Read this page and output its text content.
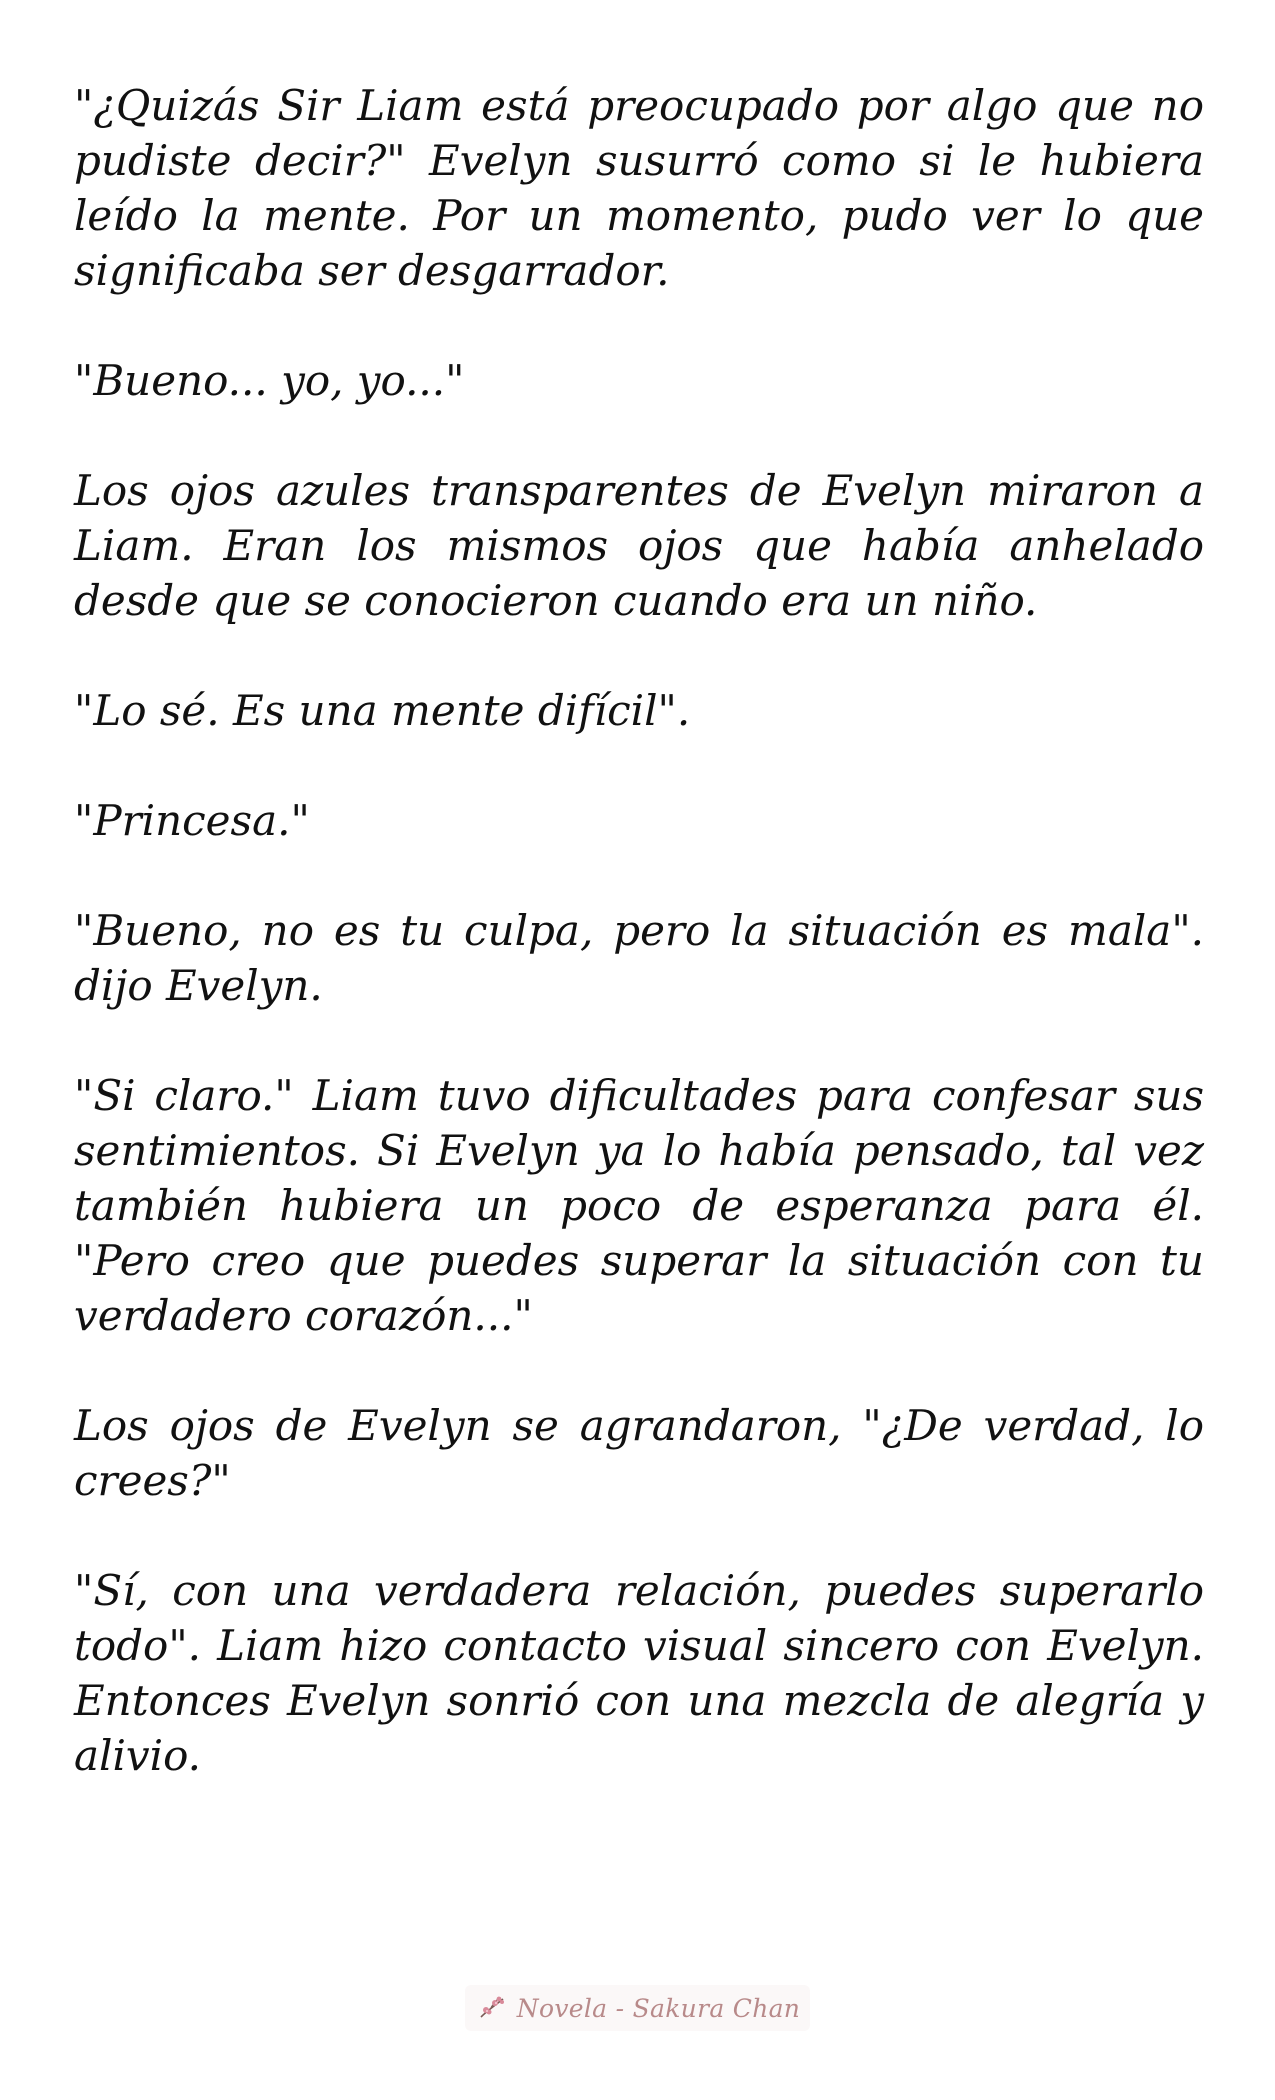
"¿Quizás Sir Liam está preocupado por algo que no pudiste decir?" Evelyn susurró como si le hubiera leído la mente. Por un momento, pudo ver lo que significaba ser desgarrador.

"Bueno... yo, yo..."

Los ojos azules transparentes de Evelyn miraron a Liam. Eran los mismos ojos que había anhelado desde que se conocieron cuando era un niño.

"Lo sé. Es una mente difícil".

"Princesa."

"Bueno, no es tu culpa, pero la situación es mala". dijo Evelyn.

"Si claro." Liam tuvo dificultades para confesar sus sentimientos. Si Evelyn ya lo había pensado, tal vez también hubiera un poco de esperanza para él. "Pero creo que puedes superar la situación con tu verdadero corazón..."

Los ojos de Evelyn se agrandaron, "¿De verdad, lo crees?"

"Sí, con una verdadera relación, puedes superarlo todo". Liam hizo contacto visual sincero con Evelyn. Entonces Evelyn sonrió con una mezcla de alegría y alivio.

Novela - Sakura Chan
